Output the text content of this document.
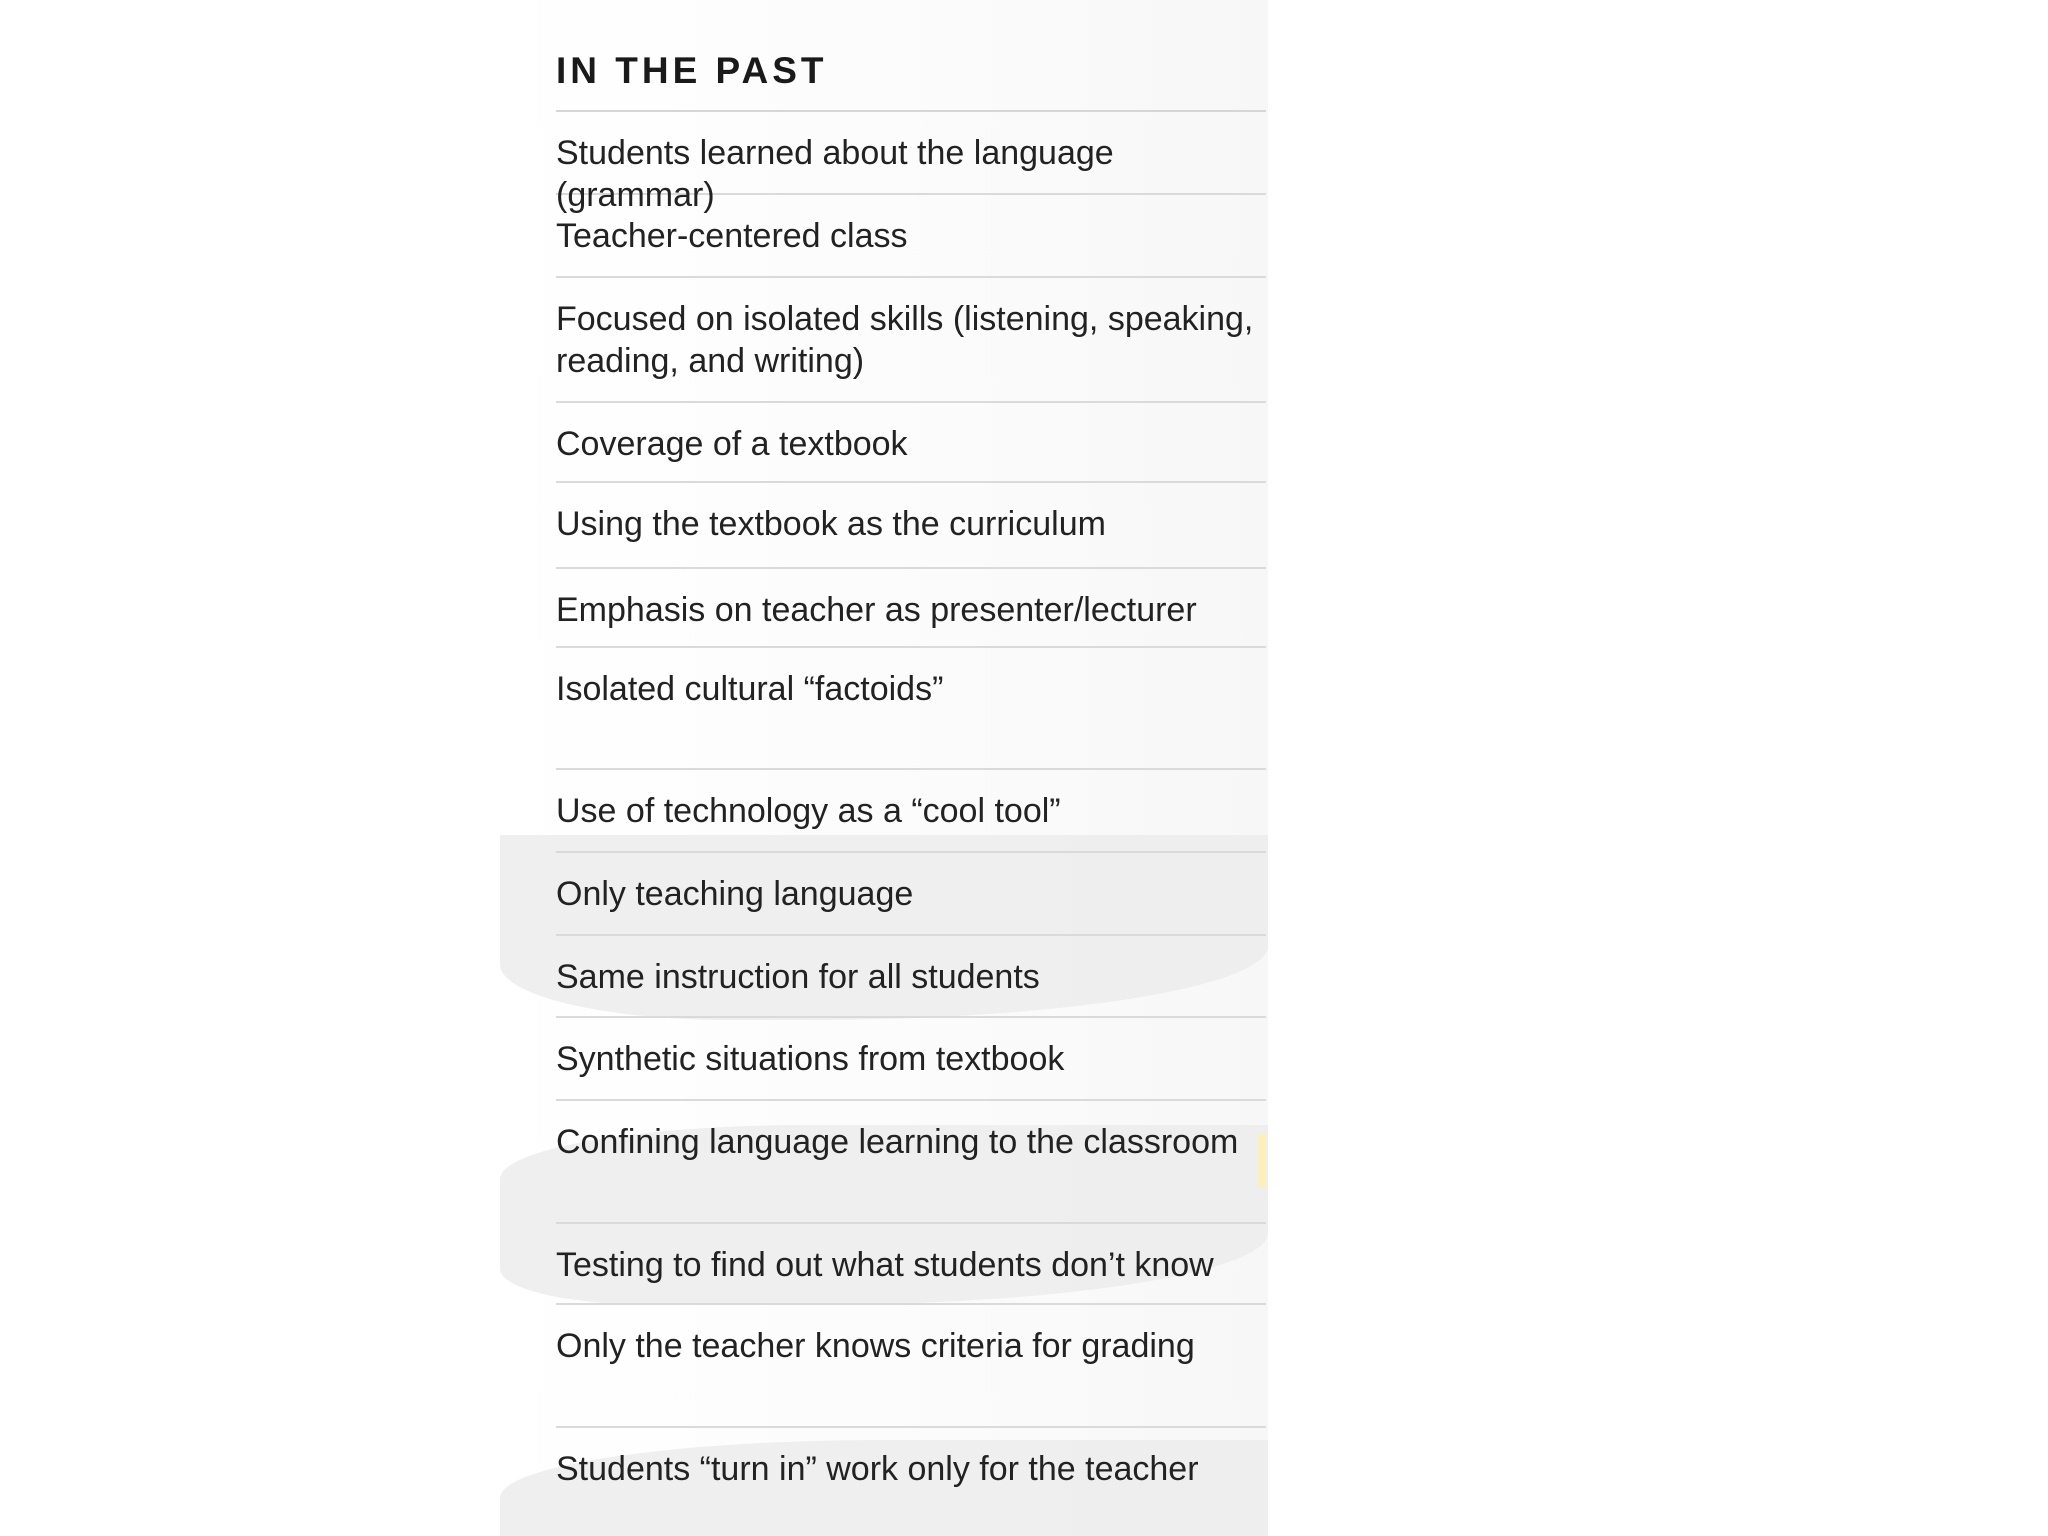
IN THE PAST
Students learned about the language (grammar)
Teacher-centered class
Focused on isolated skills (listening, speaking, reading, and writing)
Coverage of a textbook
Using the textbook as the curriculum
Emphasis on teacher as presenter/lecturer
Isolated cultural “factoids”
Use of technology as a “cool tool”
Only teaching language
Same instruction for all students
Synthetic situations from textbook
Confining language learning to the classroom
Testing to find out what students don’t know
Only the teacher knows criteria for grading
Students “turn in” work only for the teacher
